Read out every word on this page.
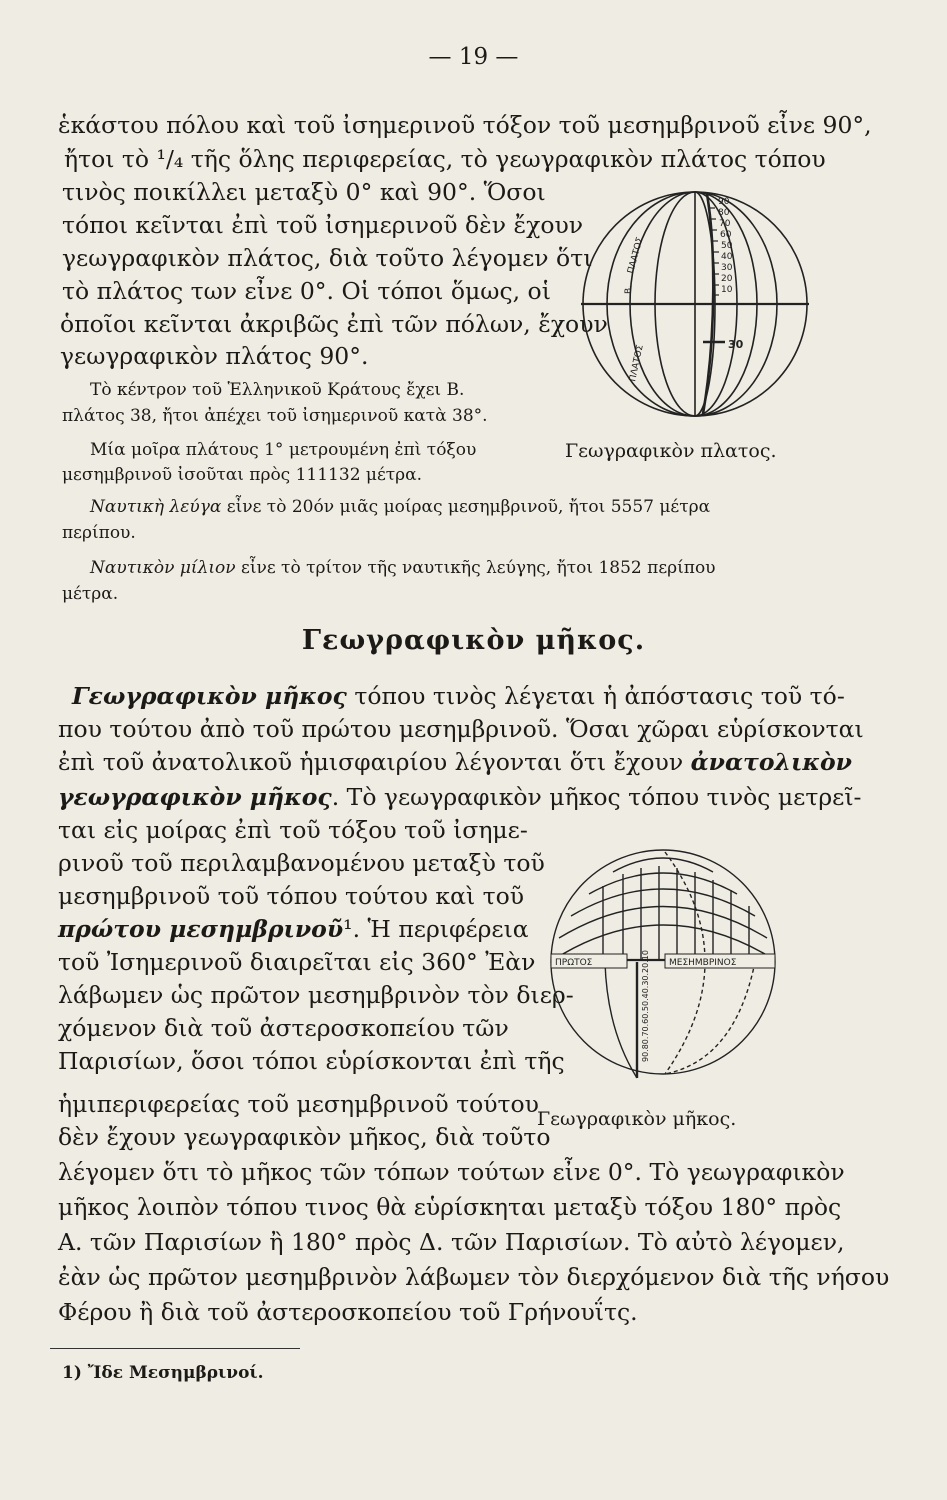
— 19 —
ἑκάστου πόλου καὶ τοῦ ἰσημερινοῦ τόξον τοῦ μεσημβρινοῦ εἶνε 90°,
ἤτοι τὸ ¹/₄ τῆς ὅλης περιφερείας, τὸ γεωγραφικὸν πλάτος τόπου
τινὸς ποικίλλει μεταξὺ 0° καὶ 90°. Ὅσοι
τόποι κεῖνται ἐπὶ τοῦ ἰσημερινοῦ δὲν ἔχουν
γεωγραφικὸν πλάτος, διὰ τοῦτο λέγομεν ὅτι
τὸ πλάτος των εἶνε 0°. Οἱ τόποι ὅμως, οἱ
ὁποῖοι κεῖνται ἀκριβῶς ἐπὶ τῶν πόλων, ἔχουν
γεωγραφικὸν πλάτος 90°.
Τὸ κέντρον τοῦ Ἑλληνικοῦ Κράτους ἔχει Β.
πλάτος 38, ἤτοι ἀπέχει τοῦ ἰσημερινοῦ κατὰ 38°.
Μία μοῖρα πλάτους 1° μετρουμένη ἐπὶ τόξου
μεσημβρινοῦ ἰσοῦται πρὸς 111132 μέτρα.
Ναυτικὴ λεύγα εἶνε τὸ 20όν μιᾶς μοίρας μεσημβρινοῦ, ἤτοι 5557 μέτρα
περίπου.
Ναυτικὸν μίλιον εἶνε τὸ τρίτον τῆς ναυτικῆς λεύγης, ἤτοι 1852 περίπου
μέτρα.
90
80
70
60
50
40
30
20
10
30
Β.
ΠΛΑΤΟΣ
ΠΛΑΤΟΣ
Γεωγραφικὸν πλατος.
Γεωγραφικὸν μῆκος.
Γεωγραφικὸν μῆκος τόπου τινὸς λέγεται ἡ ἀπόστασις τοῦ τό-
που τούτου ἀπὸ τοῦ πρώτου μεσημβρινοῦ. Ὅσαι χῶραι εὑρίσκονται
ἐπὶ τοῦ ἀνατολικοῦ ἡμισφαιρίου λέγονται ὅτι ἔχουν ἀνατολικὸν
γεωγραφικὸν μῆκος. Τὸ γεωγραφικὸν μῆκος τόπου τινὸς μετρεῖ-
ται εἰς μοίρας ἐπὶ τοῦ τόξου τοῦ ἰσημε-
ρινοῦ τοῦ περιλαμβανομένου μεταξὺ τοῦ
μεσημβρινοῦ τοῦ τόπου τούτου καὶ τοῦ
πρώτου μεσημβρινοῦ¹. Ἡ περιφέρεια
τοῦ Ἰσημερινοῦ διαιρεῖται εἰς 360° Ἐὰν
λάβωμεν ὡς πρῶτον μεσημβρινὸν τὸν διερ-
χόμενον διὰ τοῦ ἀστεροσκοπείου τῶν
Παρισίων, ὅσοι τόποι εὑρίσκονται ἐπὶ τῆς
ἡμιπεριφερείας τοῦ μεσημβρινοῦ τούτου
δὲν ἔχουν γεωγραφικὸν μῆκος, διὰ τοῦτο
λέγομεν ὅτι τὸ μῆκος τῶν τόπων τούτων εἶνε 0°. Τὸ γεωγραφικὸν
μῆκος λοιπὸν τόπου τινος θὰ εὑρίσκηται μεταξὺ τόξου 180° πρὸς
Α. τῶν Παρισίων ἢ 180° πρὸς Δ. τῶν Παρισίων. Τὸ αὐτὸ λέγομεν,
ἐὰν ὡς πρῶτον μεσημβρινὸν λάβωμεν τὸν διερχόμενον διὰ τῆς νήσου
Φέρου ἢ διὰ τοῦ ἀστεροσκοπείου τοῦ Γρήνουΐτς.
ΠΡΩΤΟΣ	ΜΕΣΗΜΒΡΙΝΟΣ
90.80.70.60.50.40.30.20.10
Γεωγραφικὸν μῆκος.
1) Ἴδε Μεσημβρινοί.
